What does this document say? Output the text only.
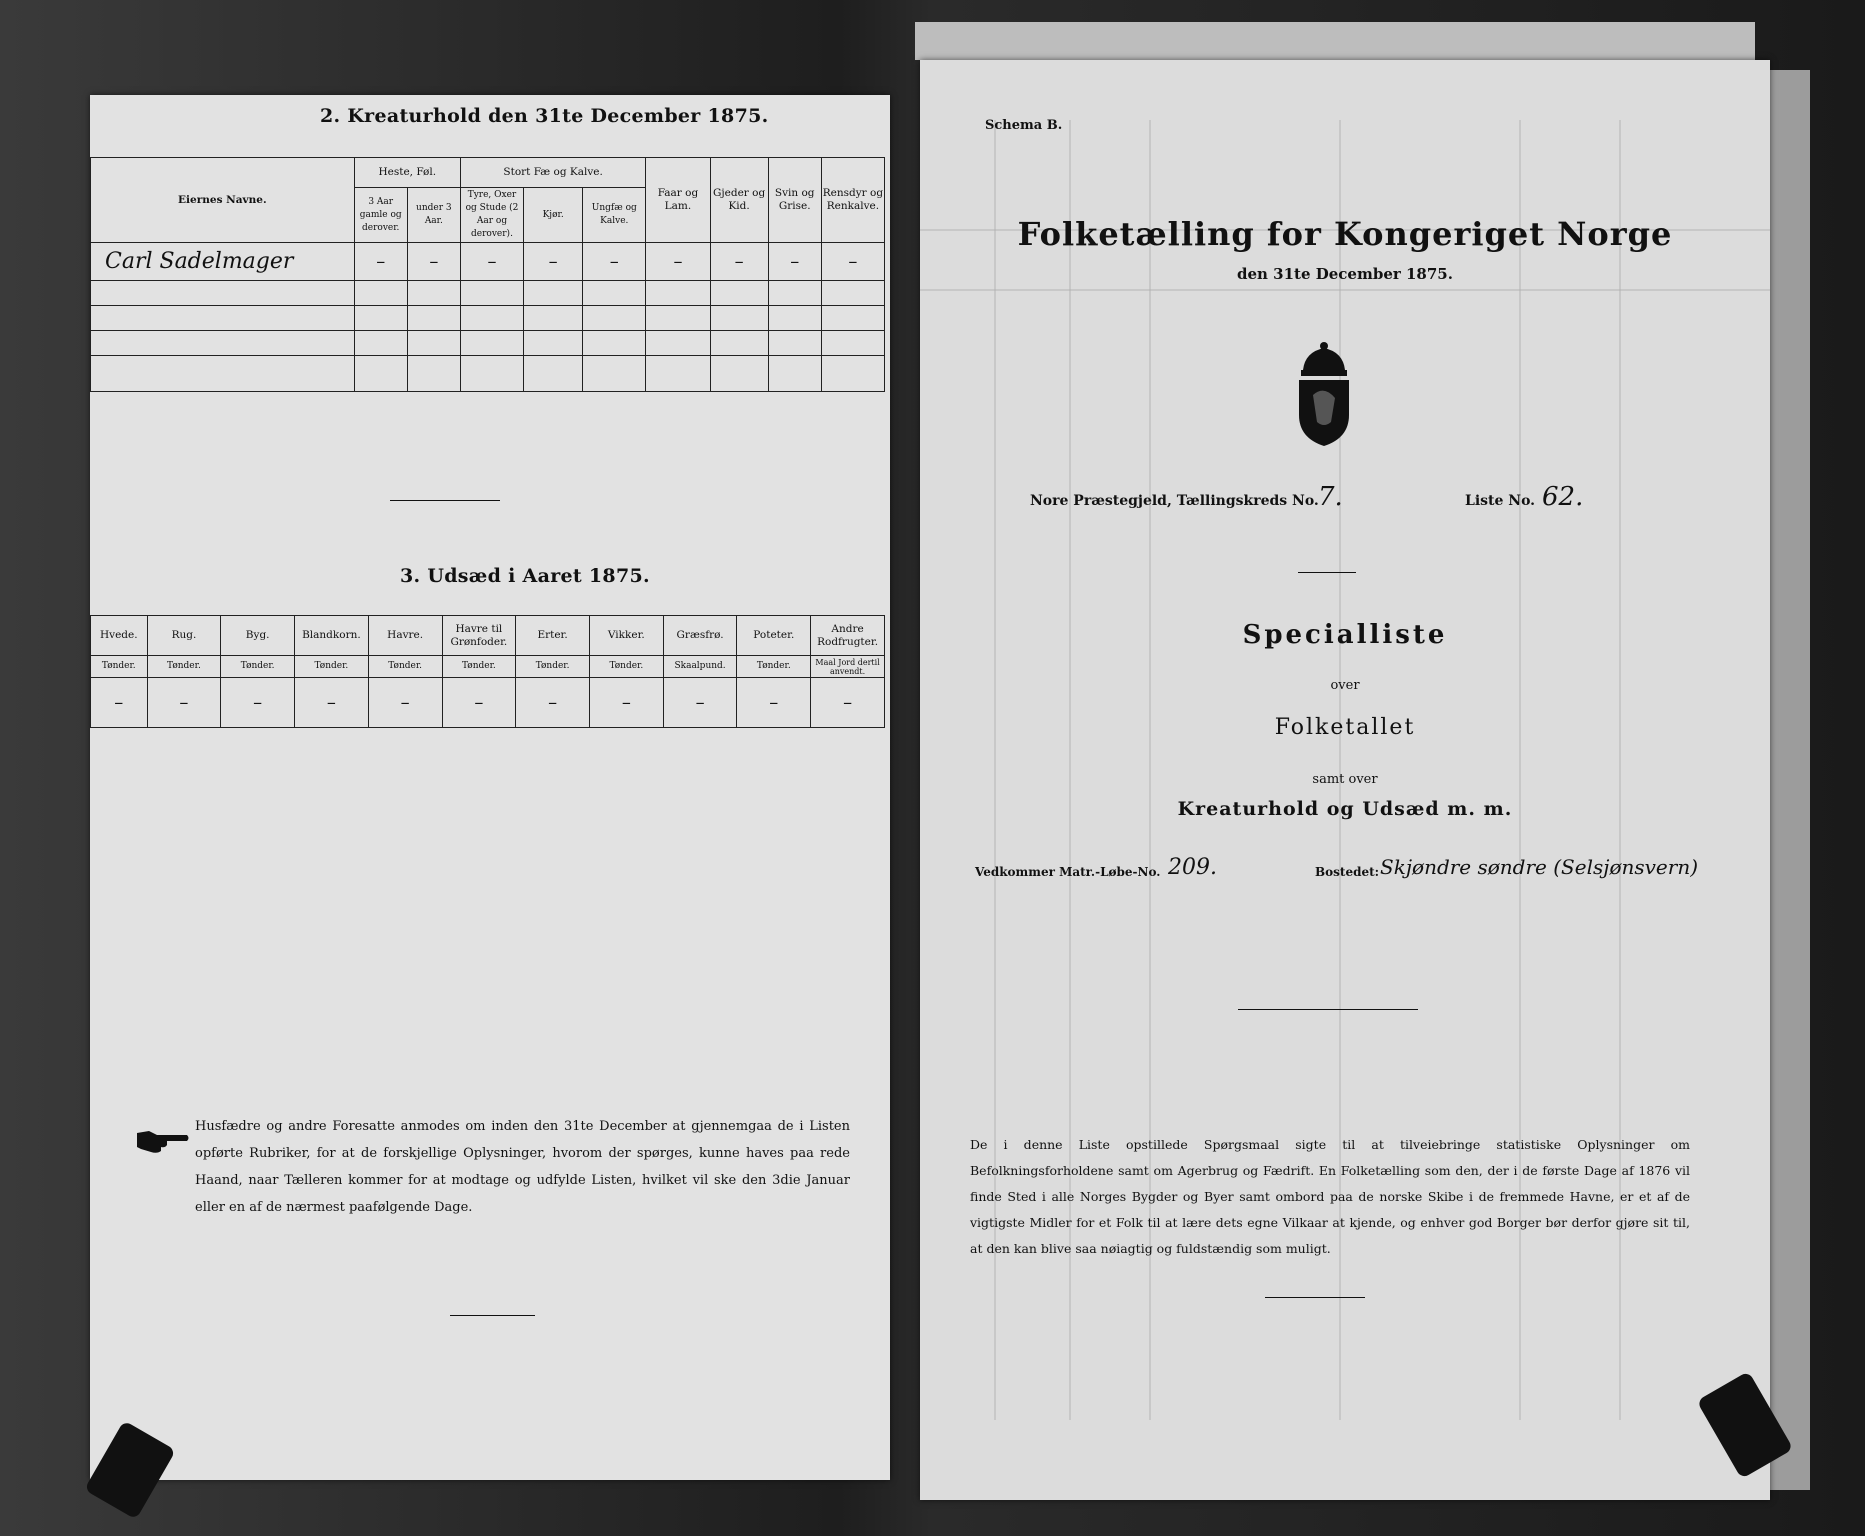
2. Kreaturhold den 31te December 1875.
Eiernes Navne.	Heste, Føl.		Stort Fæ og Kalve.			Faar og Lam.	Gjeder og Kid.	Svin og Grise.	Rensdyr og Renkalve.
	3 Aar gamle og derover.	under 3 Aar.	Tyre, Oxer og Stude (2 Aar og derover).	Kjør.	Ungfæ og Kalve.				
Carl Sadelmager	–	–	–	–	–	–	–	–	–

3. Udsæd i Aaret 1875.
Hvede.	Rug.	Byg.	Blandkorn.	Havre.	Havre til Grønfoder.	Erter.	Vikker.	Græsfrø.	Poteter.	Andre Rodfrugter.
Tønder.	Tønder.	Tønder.	Tønder.	Tønder.	Tønder.	Tønder.	Tønder.	Skaalpund.	Tønder.	Maal Jord dertil anvendt.
–	–	–	–	–	–	–	–	–	–	–
Husfædre og andre Foresatte anmodes om inden den 31te December at gjennemgaa de i Listen opførte Rubriker, for at de forskjellige Oplysninger, hvorom der spørges, kunne haves paa rede Haand, naar Tælleren kommer for at modtage og udfylde Listen, hvilket vil ske den 3die Januar eller en af de nærmest paafølgende Dage.
Schema B.
Folketælling for Kongeriget Norge
den 31te December 1875.
Nore Præstegjeld, Tællingskreds No. 7.	Liste No. 62.
Specialliste
over
Folketallet
samt over
Kreaturhold og Udsæd m. m.
Vedkommer Matr.-Løbe-No. 209.	Bostedet: Skjøndre søndre (Selsjønsvern)
De i denne Liste opstillede Spørgsmaal sigte til at tilveiebringe statistiske Oplysninger om Befolkningsforholdene samt om Agerbrug og Fædrift. En Folketælling som den, der i de første Dage af 1876 vil finde Sted i alle Norges Bygder og Byer samt ombord paa de norske Skibe i de fremmede Havne, er et af de vigtigste Midler for et Folk til at lære dets egne Vilkaar at kjende, og enhver god Borger bør derfor gjøre sit til, at den kan blive saa nøiagtig og fuldstændig som muligt.
